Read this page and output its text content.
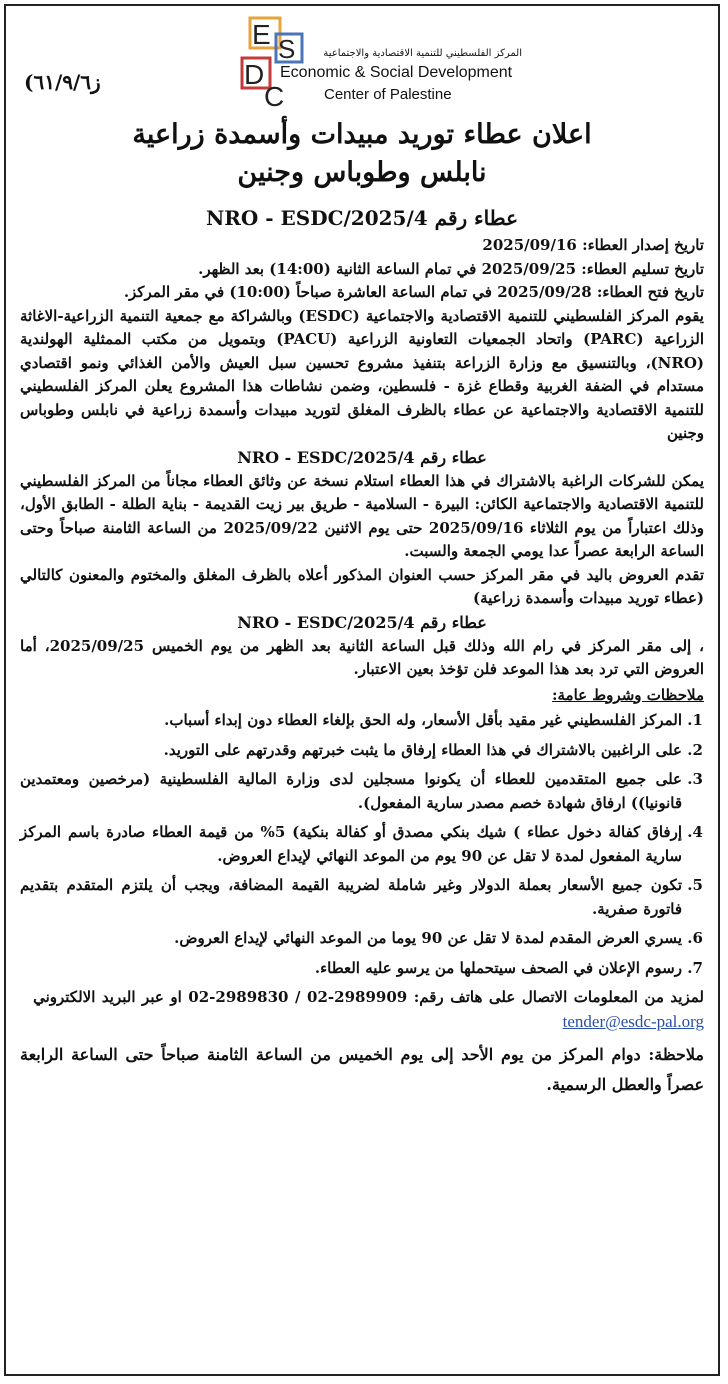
ز٦١/٩/٦)
E S
D
C
المركز الفلسطيني للتنمية الاقتصادية والاجتماعية
Economic & Social Development
Center of Palestine
اعلان عطاء توريد مبيدات وأسمدة زراعية
نابلس وطوباس وجنين
عطاء رقم 4/NRO - ESDC/2025

تاريخ إصدار العطاء: 2025/09/16

تاريخ تسليم العطاء: 2025/09/25 في تمام الساعة الثانية (14:00) بعد الظهر.

تاريخ فتح العطاء: 2025/09/28 في تمام الساعة العاشرة صباحاً (10:00) في مقر المركز.

يقوم المركز الفلسطيني للتنمية الاقتصادية والاجتماعية (ESDC) وبالشراكة مع جمعية التنمية الزراعية-الاغاثة الزراعية (PARC) واتحاد الجمعيات التعاونية الزراعية (PACU) وبتمويل من مكتب الممثلية الهولندية (NRO)، وبالتنسيق مع وزارة الزراعة بتنفيذ مشروع تحسين سبل العيش والأمن الغذائي ونمو اقتصادي مستدام في الضفة الغربية وقطاع غزة - فلسطين، وضمن نشاطات هذا المشروع يعلن المركز الفلسطيني للتنمية الاقتصادية والاجتماعية عن عطاء بالظرف المغلق لتوريد مبيدات وأسمدة زراعية في نابلس وطوباس وجنين

عطاء رقم 4/NRO - ESDC/2025

يمكن للشركات الراغبة بالاشتراك في هذا العطاء استلام نسخة عن وثائق العطاء مجاناً من المركز الفلسطيني للتنمية الاقتصادية والاجتماعية الكائن: البيرة - السلامية - طريق بير زيت القديمة - بناية الطلة - الطابق الأول، وذلك اعتباراً من يوم الثلاثاء 2025/09/16 حتى يوم الاثنين 2025/09/22 من الساعة الثامنة صباحاً وحتى الساعة الرابعة عصراً عدا يومي الجمعة والسبت.

تقدم العروض باليد في مقر المركز حسب العنوان المذكور أعلاه بالظرف المغلق والمختوم والمعنون كالتالي (عطاء توريد مبيدات وأسمدة زراعية)

عطاء رقم 4/NRO - ESDC/2025

، إلى مقر المركز في رام الله وذلك قبل الساعة الثانية بعد الظهر من يوم الخميس 2025/09/25، أما العروض التي ترد بعد هذا الموعد فلن تؤخذ بعين الاعتبار.

ملاحظات وشروط عامة:

1. المركز الفلسطيني غير مقيد بأقل الأسعار، وله الحق بإلغاء العطاء دون إبداء أسباب.
2. على الراغبين بالاشتراك في هذا العطاء إرفاق ما يثبت خبرتهم وقدرتهم على التوريد.
3. على جميع المتقدمين للعطاء أن يكونوا مسجلين لدى وزارة المالية الفلسطينية (مرخصين ومعتمدين قانونيا)) ارفاق شهادة خصم مصدر سارية المفعول).
4. إرفاق كفالة دخول عطاء ) شيك بنكي مصدق أو كفالة بنكية) 5% من قيمة العطاء صادرة باسم المركز سارية المفعول لمدة لا تقل عن 90 يوم من الموعد النهائي لإيداع العروض.
5. تكون جميع الأسعار بعملة الدولار وغير شاملة لضريبة القيمة المضافة، ويجب أن يلتزم المتقدم بتقديم فاتورة صفرية.
6. يسري العرض المقدم لمدة لا تقل عن 90 يوما من الموعد النهائي لإيداع العروض.
7. رسوم الإعلان في الصحف سيتحملها من يرسو عليه العطاء.

لمزيد من المعلومات الاتصال على هاتف رقم: 2989909-02 / 2989830-02 او عبر البريد الالكتروني   tender@esdc-pal.org

ملاحظة: دوام المركز من يوم الأحد إلى يوم الخميس من الساعة الثامنة صباحاً حتى الساعة الرابعة عصراً والعطل الرسمية.
